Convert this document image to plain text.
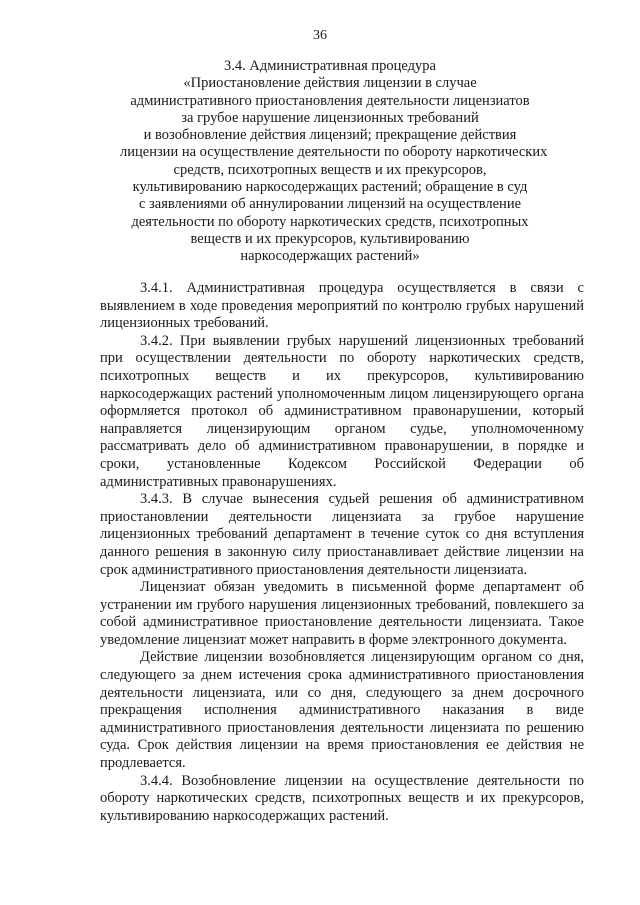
36
3.4. Административная процедура
«Приостановление действия лицензии в случае
административного приостановления деятельности лицензиатов
за грубое нарушение лицензионных требований
и возобновление действия лицензий; прекращение действия
лицензии на осуществление деятельности по обороту наркотических
средств, психотропных веществ и их прекурсоров,
культивированию наркосодержащих растений; обращение в суд
с заявлениями об аннулировании лицензий на осуществление
деятельности по обороту наркотических средств, психотропных
веществ и их прекурсоров, культивированию
наркосодержащих растений»

3.4.1. Административная процедура осуществляется в связи с выявлением в ходе проведения мероприятий по контролю грубых нарушений лицензионных требований.

3.4.2. При выявлении грубых нарушений лицензионных требований при осуществлении деятельности по обороту наркотических средств, психотропных веществ и их прекурсоров, культивированию наркосодержащих растений уполномоченным лицом лицензирующего органа оформляется протокол об административном правонарушении, который направляется лицензирующим органом судье, уполномоченному рассматривать дело об административном правонарушении, в порядке и сроки, установленные Кодексом Российской Федерации об административных правонарушениях.

3.4.3. В случае вынесения судьей решения об административном приостановлении деятельности лицензиата за грубое нарушение лицензионных требований департамент в течение суток со дня вступления данного решения в законную силу приостанавливает действие лицензии на срок административного приостановления деятельности лицензиата.

Лицензиат обязан уведомить в письменной форме департамент об устранении им грубого нарушения лицензионных требований, повлекшего за собой административное приостановление деятельности лицензиата. Такое уведомление лицензиат может направить в форме электронного документа.

Действие лицензии возобновляется лицензирующим органом со дня, следующего за днем истечения срока административного приостановления деятельности лицензиата, или со дня, следующего за днем досрочного прекращения исполнения административного наказания в виде административного приостановления деятельности лицензиата по решению суда. Срок действия лицензии на время приостановления ее действия не продлевается.

3.4.4. Возобновление лицензии на осуществление деятельности по обороту наркотических средств, психотропных веществ и их прекурсоров, культивированию наркосодержащих растений.
